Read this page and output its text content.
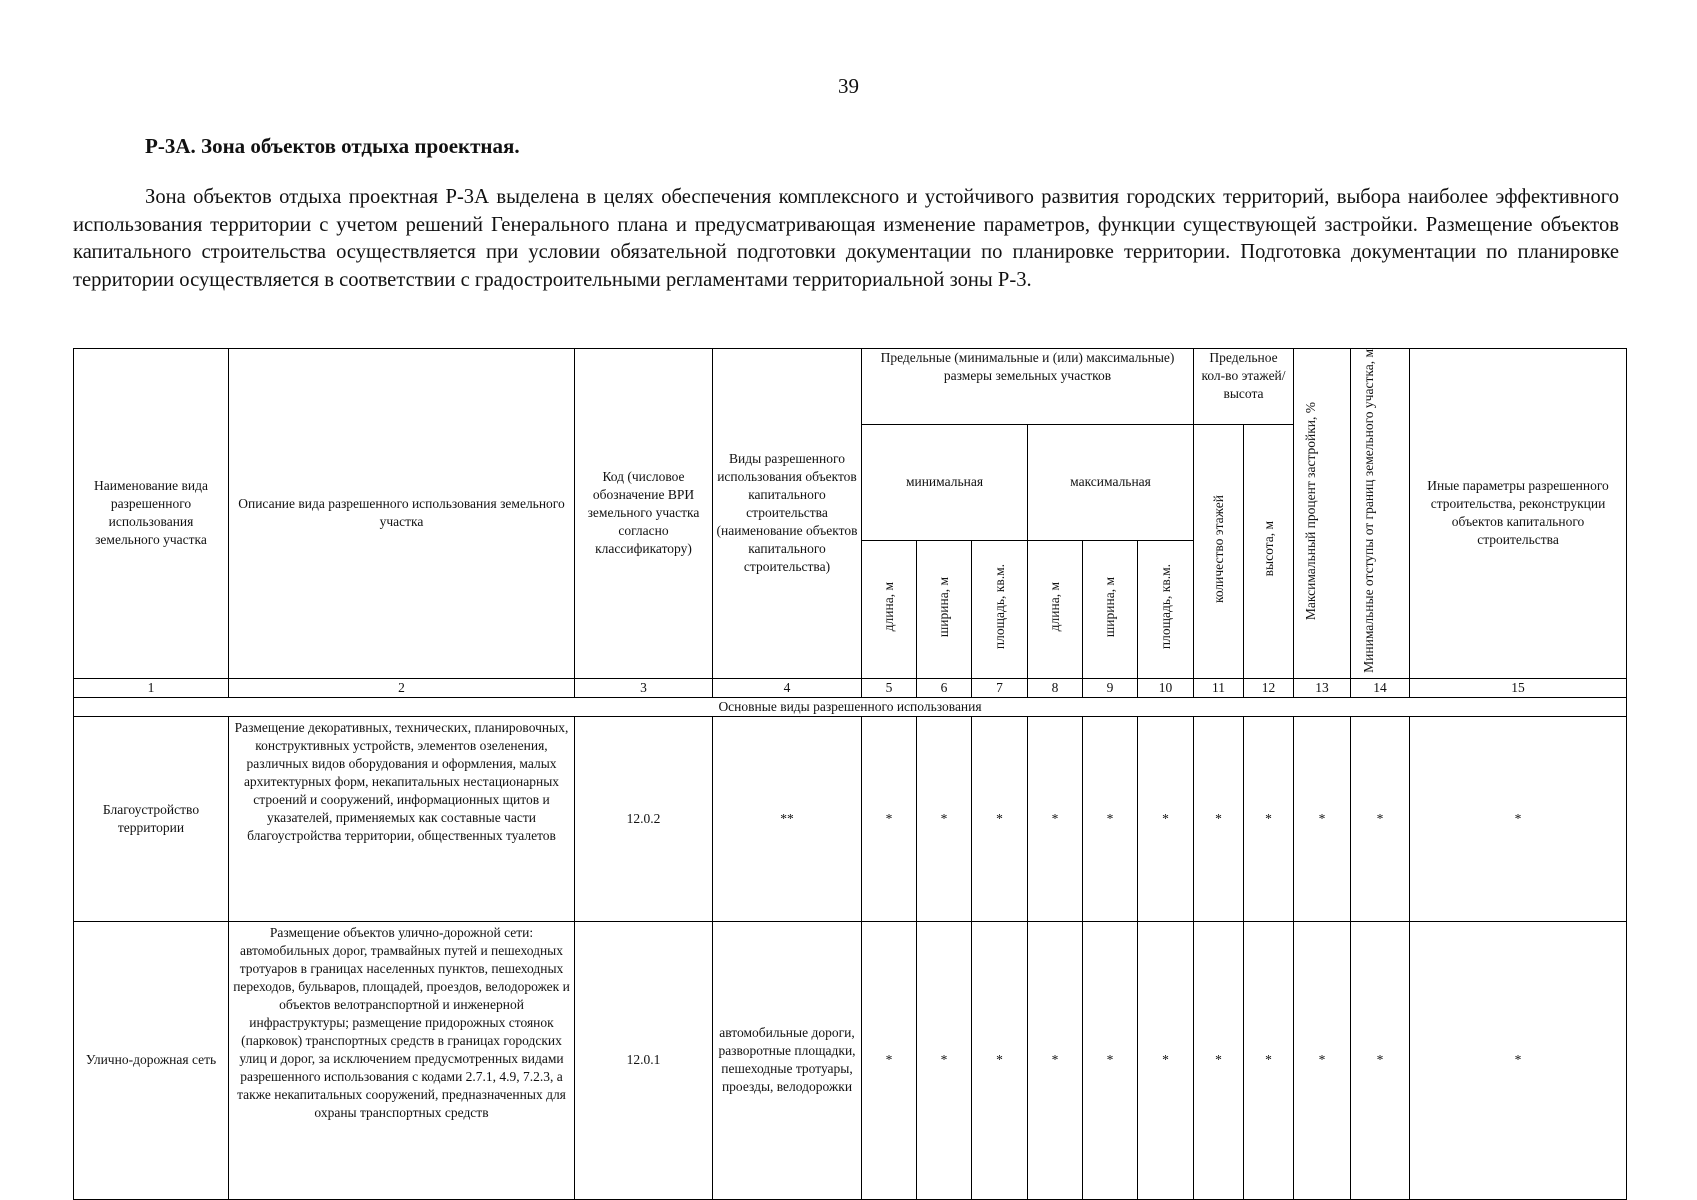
39
Р-3А. Зона объектов отдыха проектная.

Зона объектов отдыха проектная Р-3А выделена в целях обеспечения комплексного и устойчивого развития городских территорий, выбора наиболее эффективного использования территории с учетом решений Генерального плана и предусматривающая изменение параметров, функции существующей застройки. Размещение объектов капитального строительства осуществляется при условии обязательной подготовки документации по планировке территории. Подготовка документации по планировке территории осуществляется в соответствии с градостроительными регламентами территориальной зоны Р-3.

Наименование вида разрешенного использования земельного участка	Описание вида разрешенного использования земельного участка	Код (числовое обозначение ВРИ земельного участка согласно классификатору)	Виды разрешенного использования объектов капитального строительства (наименование объектов капитального строительства)	Предельные (минимальные и (или) максимальные) размеры земельных участков						Предельное кол-во этажей/ высота		Максимальный процент застройки, %	Минимальные отступы от границ земельного участка, м	Иные параметры разрешенного строительства, реконструкции объектов капитального строительства
				минимальная			максимальная			количество этажей	высота, м			
				длина, м	ширина, м	площадь, кв.м.	длина, м	ширина, м	площадь, кв.м.					
1	2	3	4	5	6	7	8	9	10	11	12	13	14	15
Основные виды разрешенного использования														
Благоустройство территории	Размещение декоративных, технических, планировочных, конструктивных устройств, элементов озеленения, различных видов оборудования и оформления, малых архитектурных форм, некапитальных нестационарных строений и сооружений, информационных щитов и указателей, применяемых как составные части благоустройства территории, общественных туалетов	12.0.2	**	*	*	*	*	*	*	*	*	*	*	*
Улично-дорожная сеть	Размещение объектов улично-дорожной сети: автомобильных дорог, трамвайных путей и пешеходных тротуаров в границах населенных пунктов, пешеходных переходов, бульваров, площадей, проездов, велодорожек и объектов велотранспортной и инженерной инфраструктуры; размещение придорожных стоянок (парковок) транспортных средств в границах городских улиц и дорог, за исключением предусмотренных видами разрешенного использования с кодами 2.7.1, 4.9, 7.2.3, а также некапитальных сооружений, предназначенных для охраны транспортных средств	12.0.1	автомобильные дороги, разворотные площадки, пешеходные тротуары, проезды, велодорожки	*	*	*	*	*	*	*	*	*	*	*
